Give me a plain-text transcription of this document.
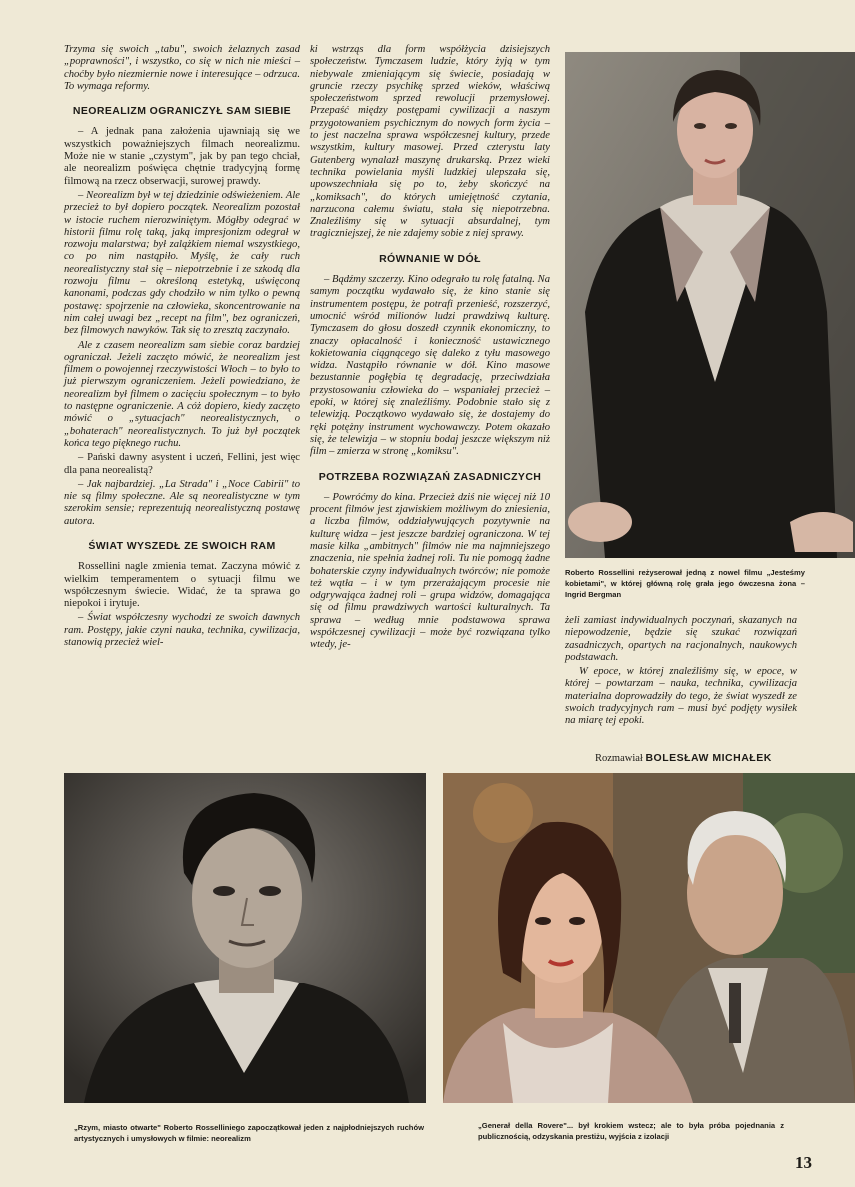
Trzyma się swoich „tabu", swoich żelaznych zasad „poprawności", i wszystko, co się w nich nie mieści – choćby było niezmiernie nowe i interesujące – odrzuca. To wymaga reformy.

NEOREALIZM OGRANICZYŁ SAM SIEBIE

– A jednak pana założenia ujawniają się we wszystkich poważniejszych filmach neorealizmu. Może nie w stanie „czystym", jak by pan tego chciał, ale neorealizm poświęca chętnie tradycyjną formę filmową na rzecz obserwacji, surowej prawdy.

– Neorealizm był w tej dziedzinie odświeżeniem. Ale przecież to był dopiero początek. Neorealizm pozostał w istocie ruchem nierozwiniętym. Mógłby odegrać w historii filmu rolę taką, jaką impresjonizm odegrał w rozwoju malarstwa; był zalążkiem niemal wszystkiego, co po nim nastąpiło. Myślę, że cały ruch neorealistyczny stał się – niepotrzebnie i ze szkodą dla rozwoju filmu – określoną estetyką, uświęconą kanonami, podczas gdy chodziło w nim tylko o pewną postawę: spojrzenie na człowieka, skoncentrowanie na nim całej uwagi bez „recept na film", bez ograniczeń, bez filmowych nawyków. Tak się to zresztą zaczynało.

Ale z czasem neorealizm sam siebie coraz bardziej ograniczał. Jeżeli zaczęto mówić, że neorealizm jest filmem o powojennej rzeczywistości Włoch – to było to już pierwszym ograniczeniem. Jeżeli powiedziano, że neorealizm był filmem o zacięciu społecznym – to było to następne ograniczenie. A cóż dopiero, kiedy zaczęto mówić o „sytuacjach" neorealistycznych, o „bohaterach" neorealistycznych. To już był początek końca tego pięknego ruchu.

– Pański dawny asystent i uczeń, Fellini, jest więc dla pana neorealistą?

– Jak najbardziej. „La Strada" i „Noce Cabirii" to nie są filmy społeczne. Ale są neorealistyczne w tym szerokim sensie; reprezentują neorealistyczną postawę autora.

ŚWIAT WYSZEDŁ ZE SWOICH RAM

Rossellini nagle zmienia temat. Zaczyna mówić z wielkim temperamentem o sytuacji filmu we współczesnym świecie. Widać, że ta sprawa go niepokoi i irytuje.

– Świat współczesny wychodzi ze swoich dawnych ram. Postępy, jakie czyni nauka, technika, cywilizacja, stanowią przecież wiel-

ki wstrząs dla form współżycia dzisiejszych społeczeństw. Tymczasem ludzie, który żyją w tym niebywale zmieniającym się świecie, posiadają w gruncie rzeczy psychikę sprzed wieków, właściwą społeczeństwom sprzed rewolucji przemysłowej. Przepaść między postępami cywilizacji a naszym przygotowaniem psychicznym do nowych form życia – to jest naczelna sprawa współczesnej kultury, przede wszystkim, kultury masowej. Przed czterystu laty Gutenberg wynalazł maszynę drukarską. Przez wieki technika powielania myśli ludzkiej ulepszała się, upowszechniała się po to, żeby skończyć na „komiksach", do których umiejętność czytania, narzucona całemu światu, stała się niepotrzebna. Znaleźliśmy się w sytuacji absurdalnej, tym tragiczniejszej, że nie zdajemy sobie z niej sprawy.

RÓWNANIE W DÓŁ

– Bądźmy szczerzy. Kino odegrało tu rolę fatalną. Na samym początku wydawało się, że kino stanie się instrumentem postępu, że potrafi przenieść, rozszerzyć, umocnić wśród milionów ludzi prawdziwą kulturę. Tymczasem do głosu doszedł czynnik ekonomiczny, to znaczy opłacalność i konieczność ustawicznego kokietowania ciągnącego się daleko z tyłu masowego widza. Nastąpiło równanie w dół. Kino masowe bezustannie pogłębia tę degradację, przeciwdziała przystosowaniu człowieka do – wspaniałej przecież – epoki, w której się znaleźliśmy. Podobnie stało się z telewizją. Początkowo wydawało się, że dostajemy do ręki potężny instrument wychowawczy. Potem okazało się, że telewizja – w stopniu bodaj jeszcze większym niż film – zmierza w stronę „komiksu".

POTRZEBA ROZWIĄZAŃ ZASADNICZYCH

– Powróćmy do kina. Przecież dziś nie więcej niż 10 procent filmów jest zjawiskiem możliwym do zniesienia, a liczba filmów, oddziaływujących pozytywnie na kulturę widza – jest jeszcze bardziej ograniczona. W tej masie kilka „ambitnych" filmów nie ma najmniejszego znaczenia, nie spełnia żadnej roli. Tu nie pomogą żadne bohaterskie czyny indywidualnych twórców; nie pomoże też wątła – i w tym przerażającym procesie nie odgrywająca żadnej roli – grupa widzów, domagająca się od filmu prawdziwych wartości kulturalnych. Ta sprawa – według mnie podstawowa sprawa współczesnej cywilizacji – może być rozwiązana tylko wtedy, je-

żeli zamiast indywidualnych poczynań, skazanych na niepowodzenie, będzie się szukać rozwiązań zasadniczych, opartych na racjonalnych, naukowych podstawach.

W epoce, w której znaleźliśmy się, w epoce, w której – powtarzam – nauka, technika, cywilizacja materialna doprowadziły do tego, że świat wyszedł ze swoich tradycyjnych ram – musi być podjęty wysiłek na miarę tej epoki.

Rozmawiał BOLESŁAW MICHAŁEK
Roberto Rossellini reżyserował jedną z nowel filmu „Jesteśmy kobietami", w której główną rolę grała jego ówczesna żona – Ingrid Bergman
„Rzym, miasto otwarte" Roberto Rosselliniego zapoczątkował jeden z najpłodniejszych ruchów artystycznych i umysłowych w filmie: neorealizm
„Generał della Rovere"... był krokiem wstecz; ale to była próba pojednania z publicznością, odzyskania prestiżu, wyjścia z izolacji
13
